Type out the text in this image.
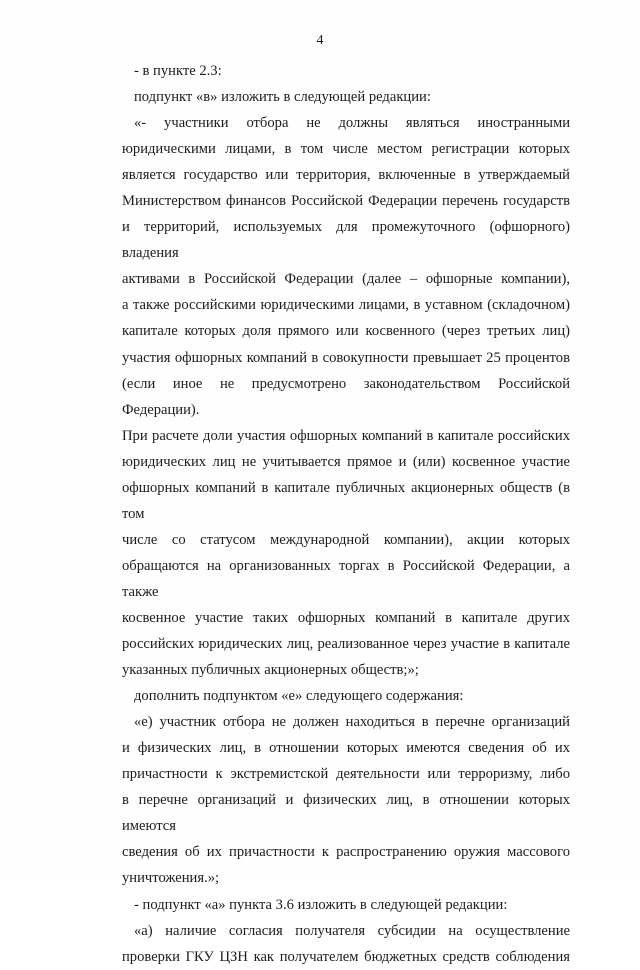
4

- в пункте 2.3:

подпункт «в» изложить в следующей редакции:

«- участники отбора не должны являться иностранными

юридическими лицами, в том числе местом регистрации которых

является государство или территория, включенные в утверждаемый

Министерством финансов Российской Федерации перечень государств

и территорий, используемых для промежуточного (офшорного) владения

активами в Российской Федерации (далее – офшорные компании),

а также российскими юридическими лицами, в уставном (складочном)

капитале которых доля прямого или косвенного (через третьих лиц)

участия офшорных компаний в совокупности превышает 25 процентов

(если иное не предусмотрено законодательством Российской Федерации).

При расчете доли участия офшорных компаний в капитале российских

юридических лиц не учитывается прямое и (или) косвенное участие

офшорных компаний в капитале публичных акционерных обществ (в том

числе со статусом международной компании), акции которых

обращаются на организованных торгах в Российской Федерации, а также

косвенное участие таких офшорных компаний в капитале других

российских юридических лиц, реализованное через участие в капитале

указанных публичных акционерных обществ;»;

дополнить подпунктом «е» следующего содержания:

«е) участник отбора не должен находиться в перечне организаций

и физических лиц, в отношении которых имеются сведения об их

причастности к экстремистской деятельности или терроризму, либо

в перечне организаций и физических лиц, в отношении которых имеются

сведения об их причастности к распространению оружия массового

уничтожения.»;

- подпункт «а» пункта 3.6 изложить в следующей редакции:

«а) наличие согласия получателя субсидии на осуществление

проверки ГКУ ЦЗН как получателем бюджетных средств соблюдения
